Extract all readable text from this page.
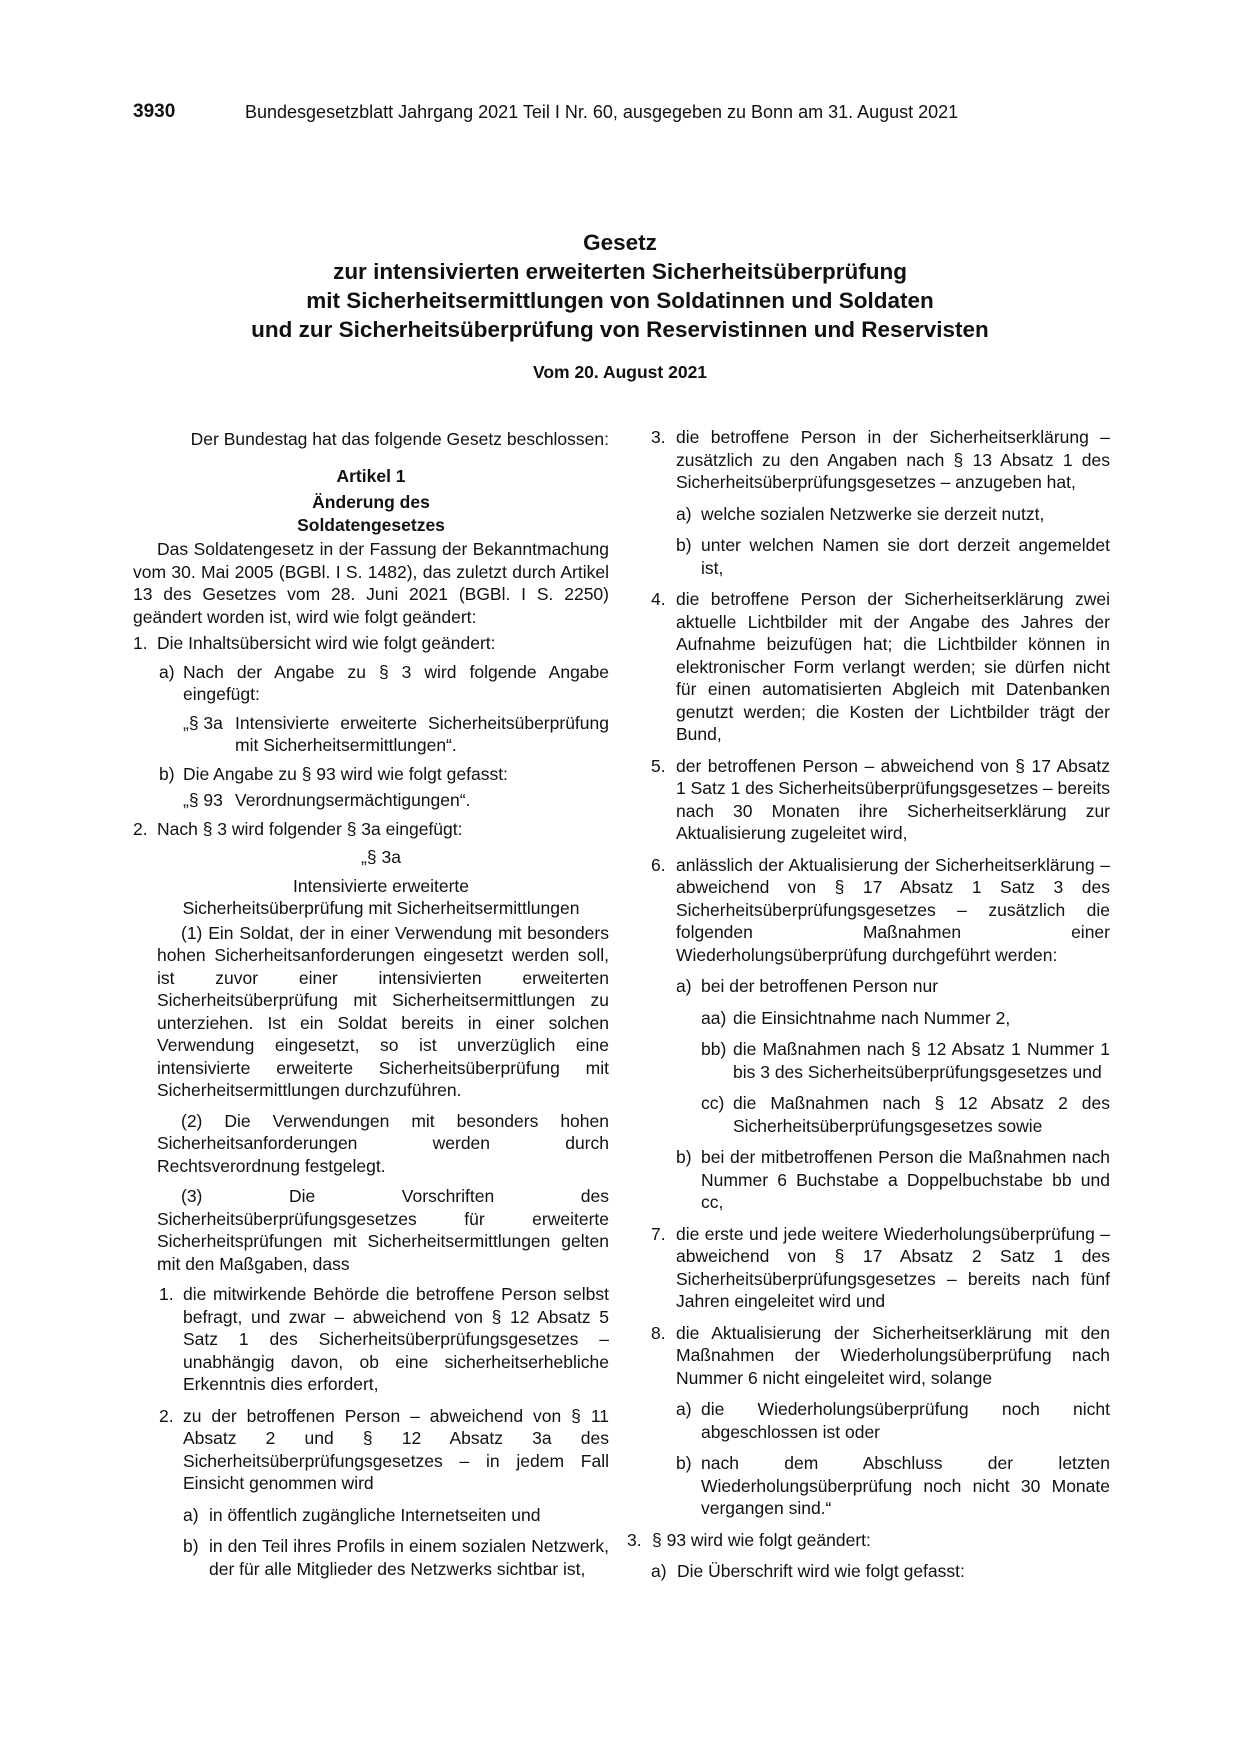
3930	Bundesgesetzblatt Jahrgang 2021 Teil I Nr. 60, ausgegeben zu Bonn am 31. August 2021
Gesetz
zur intensivierten erweiterten Sicherheitsüberprüfung
mit Sicherheitsermittlungen von Soldatinnen und Soldaten
und zur Sicherheitsüberprüfung von Reservistinnen und Reservisten
Vom 20. August 2021
Der Bundestag hat das folgende Gesetz beschlossen:
Artikel 1
Änderung des
Soldatengesetzes
Das Soldatengesetz in der Fassung der Bekanntmachung vom 30. Mai 2005 (BGBl. I S. 1482), das zuletzt durch Artikel 13 des Gesetzes vom 28. Juni 2021 (BGBl. I S. 2250) geändert worden ist, wird wie folgt geändert:
1. Die Inhaltsübersicht wird wie folgt geändert:
a) Nach der Angabe zu § 3 wird folgende Angabe eingefügt:
„§ 3a Intensivierte erweiterte Sicherheitsüberprüfung mit Sicherheitsermittlungen“.
b) Die Angabe zu § 93 wird wie folgt gefasst:
„§ 93 Verordnungsermächtigungen“.
2. Nach § 3 wird folgender § 3a eingefügt:
„§ 3a
Intensivierte erweiterte
Sicherheitsüberprüfung mit Sicherheitsermittlungen
(1) Ein Soldat, der in einer Verwendung mit besonders hohen Sicherheitsanforderungen eingesetzt werden soll, ist zuvor einer intensivierten erweiterten Sicherheitsüberprüfung mit Sicherheitsermittlungen zu unterziehen. Ist ein Soldat bereits in einer solchen Verwendung eingesetzt, so ist unverzüglich eine intensivierte erweiterte Sicherheitsüberprüfung mit Sicherheitsermittlungen durchzuführen.
(2) Die Verwendungen mit besonders hohen Sicherheitsanforderungen werden durch Rechtsverordnung festgelegt.
(3) Die Vorschriften des Sicherheitsüberprüfungsgesetzes für erweiterte Sicherheitsprüfungen mit Sicherheitsermittlungen gelten mit den Maßgaben, dass
1. die mitwirkende Behörde die betroffene Person selbst befragt, und zwar – abweichend von § 12 Absatz 5 Satz 1 des Sicherheitsüberprüfungsgesetzes – unabhängig davon, ob eine sicherheitserhebliche Erkenntnis dies erfordert,
2. zu der betroffenen Person – abweichend von § 11 Absatz 2 und § 12 Absatz 3a des Sicherheitsüberprüfungsgesetzes – in jedem Fall Einsicht genommen wird
a) in öffentlich zugängliche Internetseiten und
b) in den Teil ihres Profils in einem sozialen Netzwerk, der für alle Mitglieder des Netzwerks sichtbar ist,
3. die betroffene Person in der Sicherheitserklärung – zusätzlich zu den Angaben nach § 13 Absatz 1 des Sicherheitsüberprüfungsgesetzes – anzugeben hat,
a) welche sozialen Netzwerke sie derzeit nutzt,
b) unter welchen Namen sie dort derzeit angemeldet ist,
4. die betroffene Person der Sicherheitserklärung zwei aktuelle Lichtbilder mit der Angabe des Jahres der Aufnahme beizufügen hat; die Lichtbilder können in elektronischer Form verlangt werden; sie dürfen nicht für einen automatisierten Abgleich mit Datenbanken genutzt werden; die Kosten der Lichtbilder trägt der Bund,
5. der betroffenen Person – abweichend von § 17 Absatz 1 Satz 1 des Sicherheitsüberprüfungsgesetzes – bereits nach 30 Monaten ihre Sicherheitserklärung zur Aktualisierung zugeleitet wird,
6. anlässlich der Aktualisierung der Sicherheitserklärung – abweichend von § 17 Absatz 1 Satz 3 des Sicherheitsüberprüfungsgesetzes – zusätzlich die folgenden Maßnahmen einer Wiederholungsüberprüfung durchgeführt werden:
a) bei der betroffenen Person nur
aa) die Einsichtnahme nach Nummer 2,
bb) die Maßnahmen nach § 12 Absatz 1 Nummer 1 bis 3 des Sicherheitsüberprüfungsgesetzes und
cc) die Maßnahmen nach § 12 Absatz 2 des Sicherheitsüberprüfungsgesetzes sowie
b) bei der mitbetroffenen Person die Maßnahmen nach Nummer 6 Buchstabe a Doppelbuchstabe bb und cc,
7. die erste und jede weitere Wiederholungsüberprüfung – abweichend von § 17 Absatz 2 Satz 1 des Sicherheitsüberprüfungsgesetzes – bereits nach fünf Jahren eingeleitet wird und
8. die Aktualisierung der Sicherheitserklärung mit den Maßnahmen der Wiederholungsüberprüfung nach Nummer 6 nicht eingeleitet wird, solange
a) die Wiederholungsüberprüfung noch nicht abgeschlossen ist oder
b) nach dem Abschluss der letzten Wiederholungsüberprüfung noch nicht 30 Monate vergangen sind.“
3. § 93 wird wie folgt geändert:
a) Die Überschrift wird wie folgt gefasst:
